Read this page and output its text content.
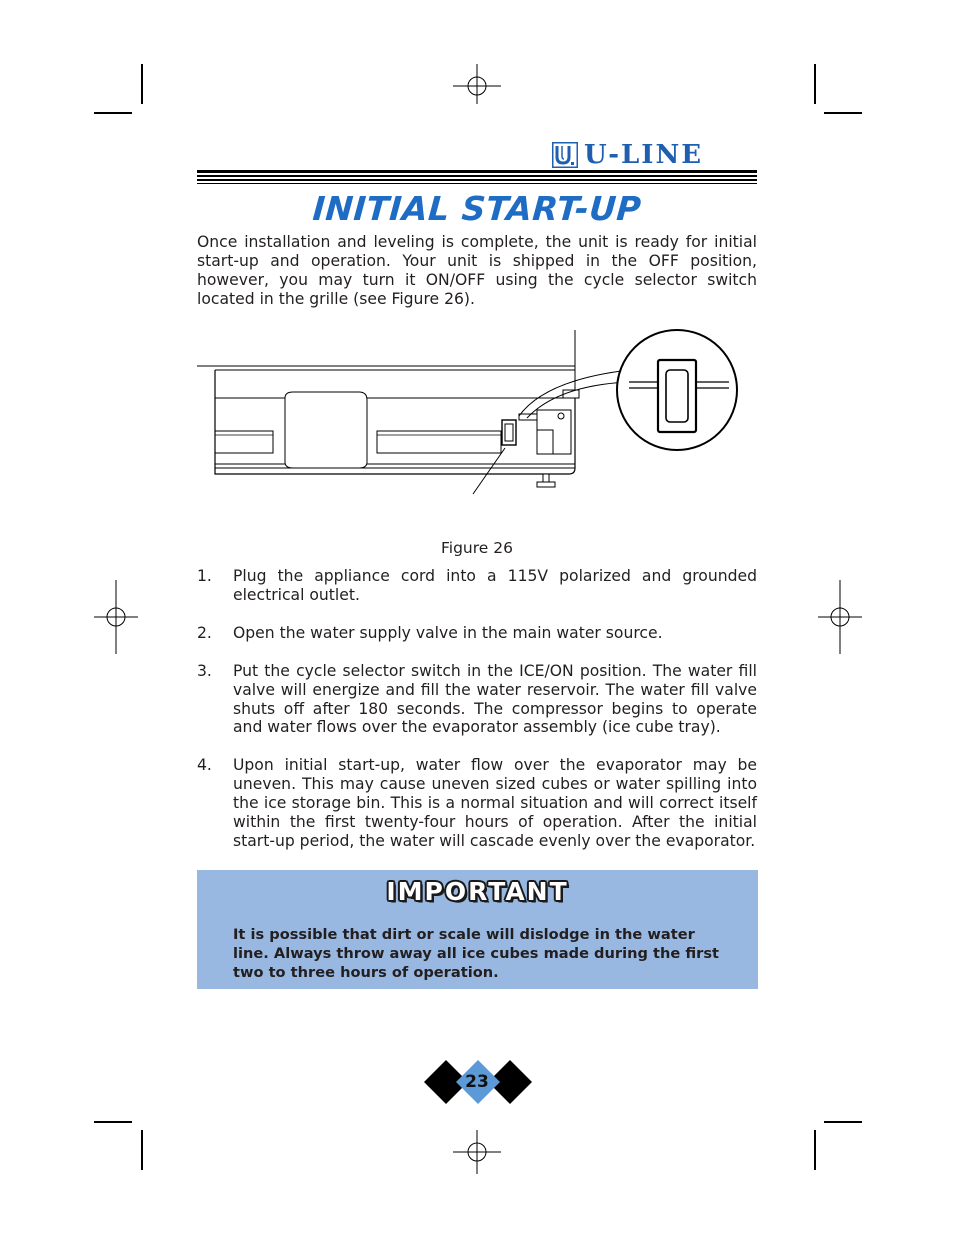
U-LINE
INITIAL START-UP
Once installation and leveling is complete, the unit is ready for initial start-up and operation. Your unit is shipped in the OFF position, however, you may turn it ON/OFF using the cycle selector switch located in the grille (see Figure 26).
Figure 26
1. Plug the appliance cord into a 115V polarized and grounded electrical outlet.
2. Open the water supply valve in the main water source.
3. Put the cycle selector switch in the ICE/ON position. The water fill valve will energize and fill the water reservoir. The water fill valve shuts off after 180 seconds. The compressor begins to operate and water flows over the evaporator assembly (ice cube tray).
4. Upon initial start-up, water flow over the evaporator may be uneven. This may cause uneven sized cubes or water spilling into the ice storage bin. This is a normal situation and will correct itself within the first twenty-four hours of operation. After the initial start-up period, the water will cascade evenly over the evaporator.
IMPORTANT
It is possible that dirt or scale will dislodge in the water line. Always throw away all ice cubes made during the first two to three hours of operation.
23
